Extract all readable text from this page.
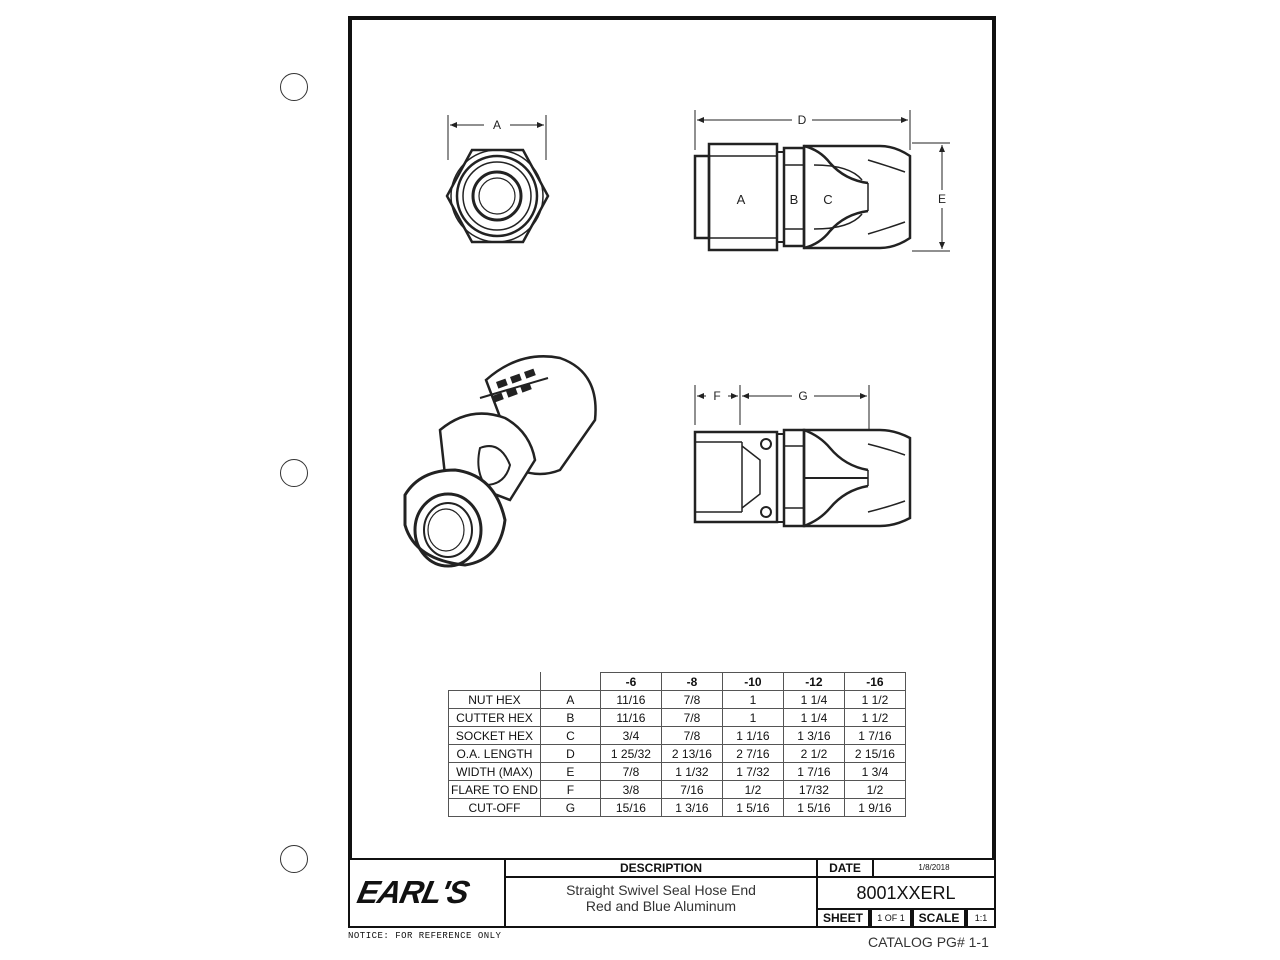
A	D
E
A	B C
F	G
		-6	-8	-10	-12	-16
NUT HEX	A	11/16	7/8	1	1 1/4	1 1/2
CUTTER HEX	B	11/16	7/8	1	1 1/4	1 1/2
SOCKET HEX	C	3/4	7/8	1 1/16	1 3/16	1 7/16
O.A. LENGTH	D	1 25/32	2 13/16	2 7/16	2 1/2	2 15/16
WIDTH (MAX)	E	7/8	1 1/32	1 7/32	1 7/16	1 3/4
FLARE TO END	F	3/8	7/16	1/2	17/32	1/2
CUT-OFF	G	15/16	1 3/16	1 5/16	1 5/16	1 9/16
EARL'S
DESCRIPTION
Straight Swivel Seal Hose End
Red and Blue Aluminum
DATE	1/8/2018
8001XXERL
SHEET	1 OF 1	SCALE	1:1
NOTICE: FOR REFERENCE ONLY	CATALOG PG# 1-1
